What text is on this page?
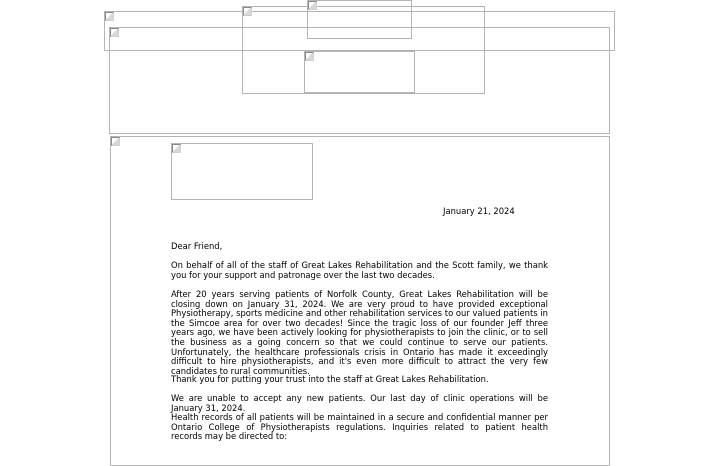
January 21, 2024

Dear Friend,

On behalf of all of the staff of Great Lakes Rehabilitation and the Scott family, we thank you for your support and patronage over the last two decades.

After 20 years serving patients of Norfolk County, Great Lakes Rehabilitation will be closing down on January 31, 2024. We are very proud to have provided exceptional Physiotherapy, sports medicine and other rehabilitation services to our valued patients in the Simcoe area for over two decades! Since the tragic loss of our founder Jeff three years ago, we have been actively looking for physiotherapists to join the clinic, or to sell the business as a going concern so that we could continue to serve our patients. Unfortunately, the healthcare professionals crisis in Ontario has made it exceedingly difficult to hire physiotherapists, and it's even more difficult to attract the very few candidates to rural communities.

Thank you for putting your trust into the staff at Great Lakes Rehabilitation.

We are unable to accept any new patients. Our last day of clinic operations will be January 31, 2024.

Health records of all patients will be maintained in a secure and confidential manner per Ontario College of Physiotherapists regulations. Inquiries related to patient health records may be directed to:
